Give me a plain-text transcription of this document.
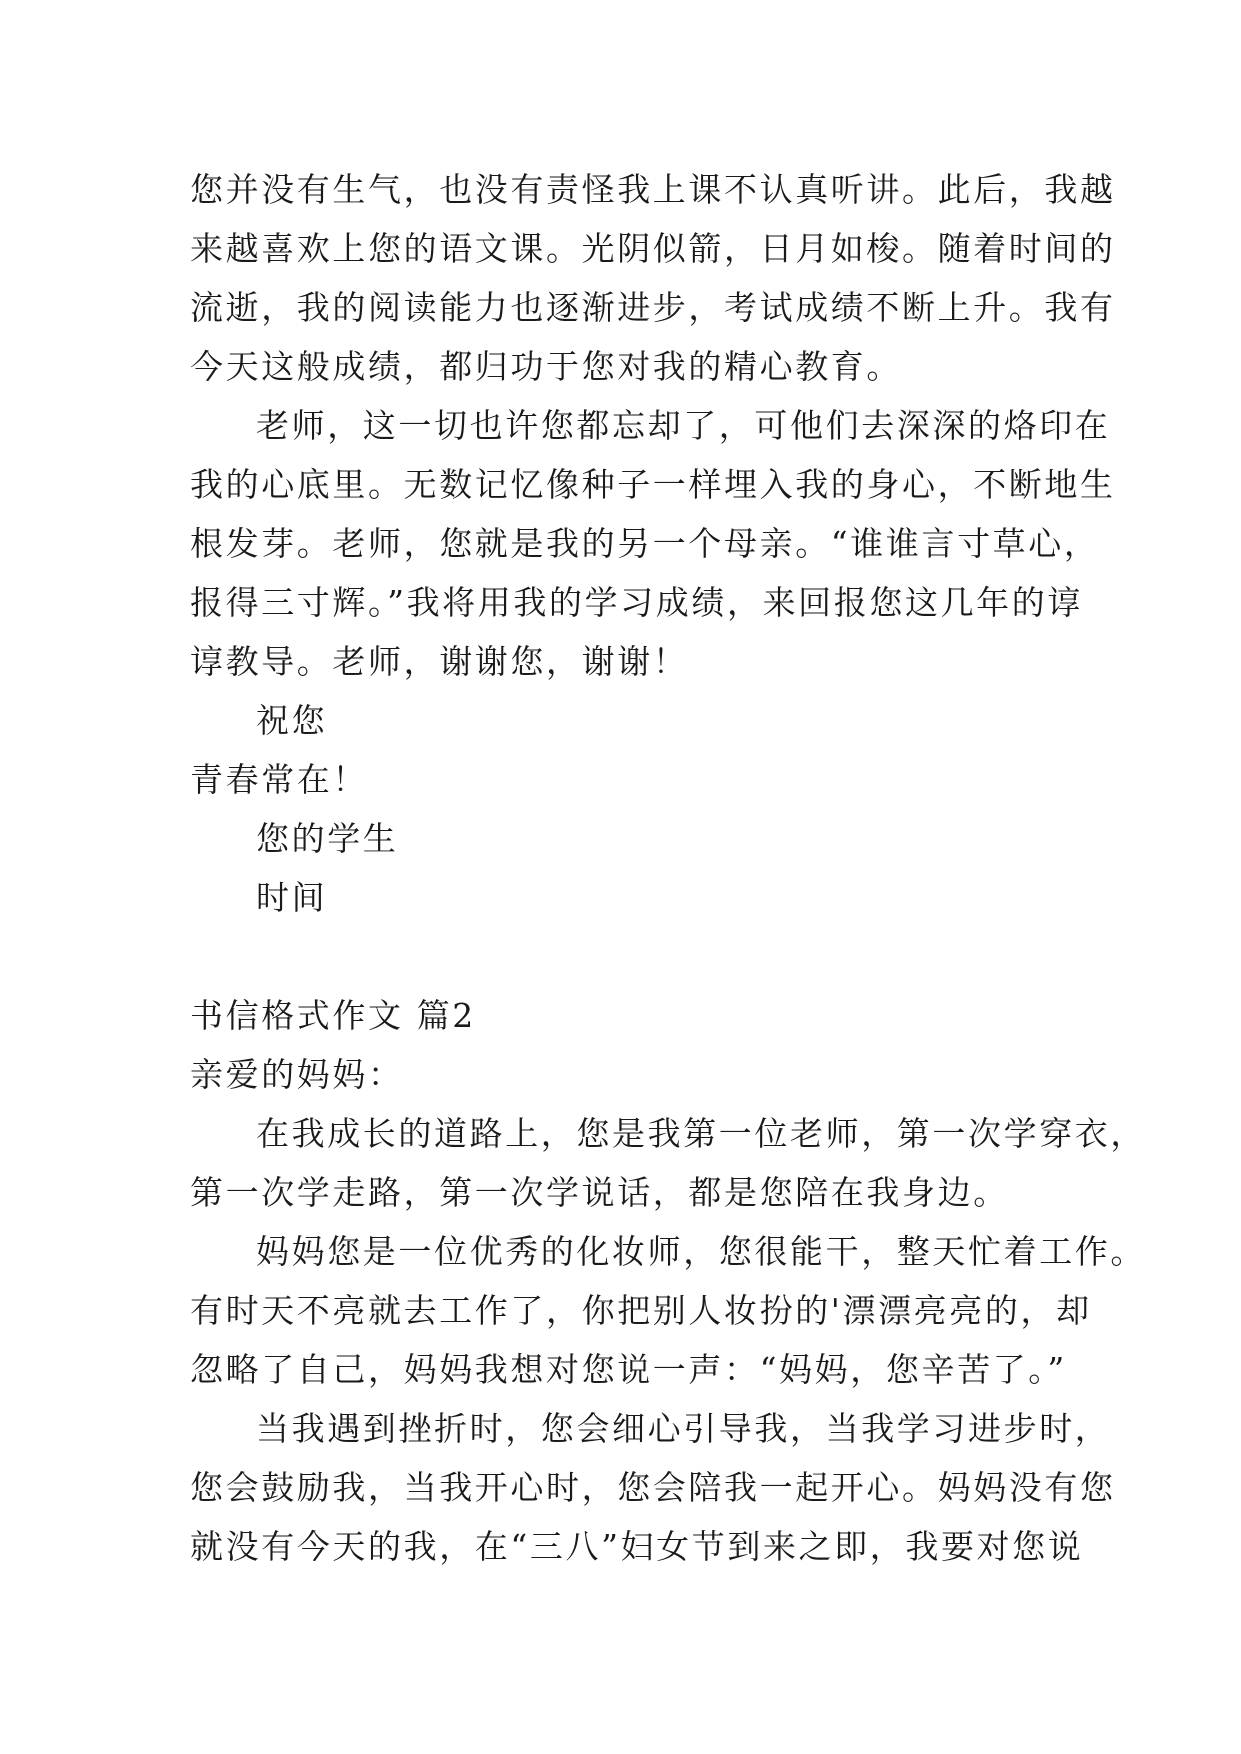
您并没有生气，也没有责怪我上课不认真听讲。此后，我越
来越喜欢上您的语文课。光阴似箭，日月如梭。随着时间的
流逝，我的阅读能力也逐渐进步，考试成绩不断上升。我有
今天这般成绩，都归功于您对我的精心教育。
老师，这一切也许您都忘却了，可他们去深深的烙印在
我的心底里。无数记忆像种子一样埋入我的身心，不断地生
根发芽。老师，您就是我的另一个母亲。“谁谁言寸草心，
报得三寸辉。”我将用我的学习成绩，来回报您这几年的谆
谆教导。老师，谢谢您，谢谢！
祝您
青春常在！
您的学生
时间
书信格式作文 篇2
亲爱的妈妈：
在我成长的道路上，您是我第一位老师，第一次学穿衣，
第一次学走路，第一次学说话，都是您陪在我身边。
妈妈您是一位优秀的化妆师，您很能干，整天忙着工作。
有时天不亮就去工作了，你把别人妆扮的'漂漂亮亮的，却
忽略了自己，妈妈我想对您说一声：“妈妈，您辛苦了。”
当我遇到挫折时，您会细心引导我，当我学习进步时，
您会鼓励我，当我开心时，您会陪我一起开心。妈妈没有您
就没有今天的我，在“三八”妇女节到来之即，我要对您说
